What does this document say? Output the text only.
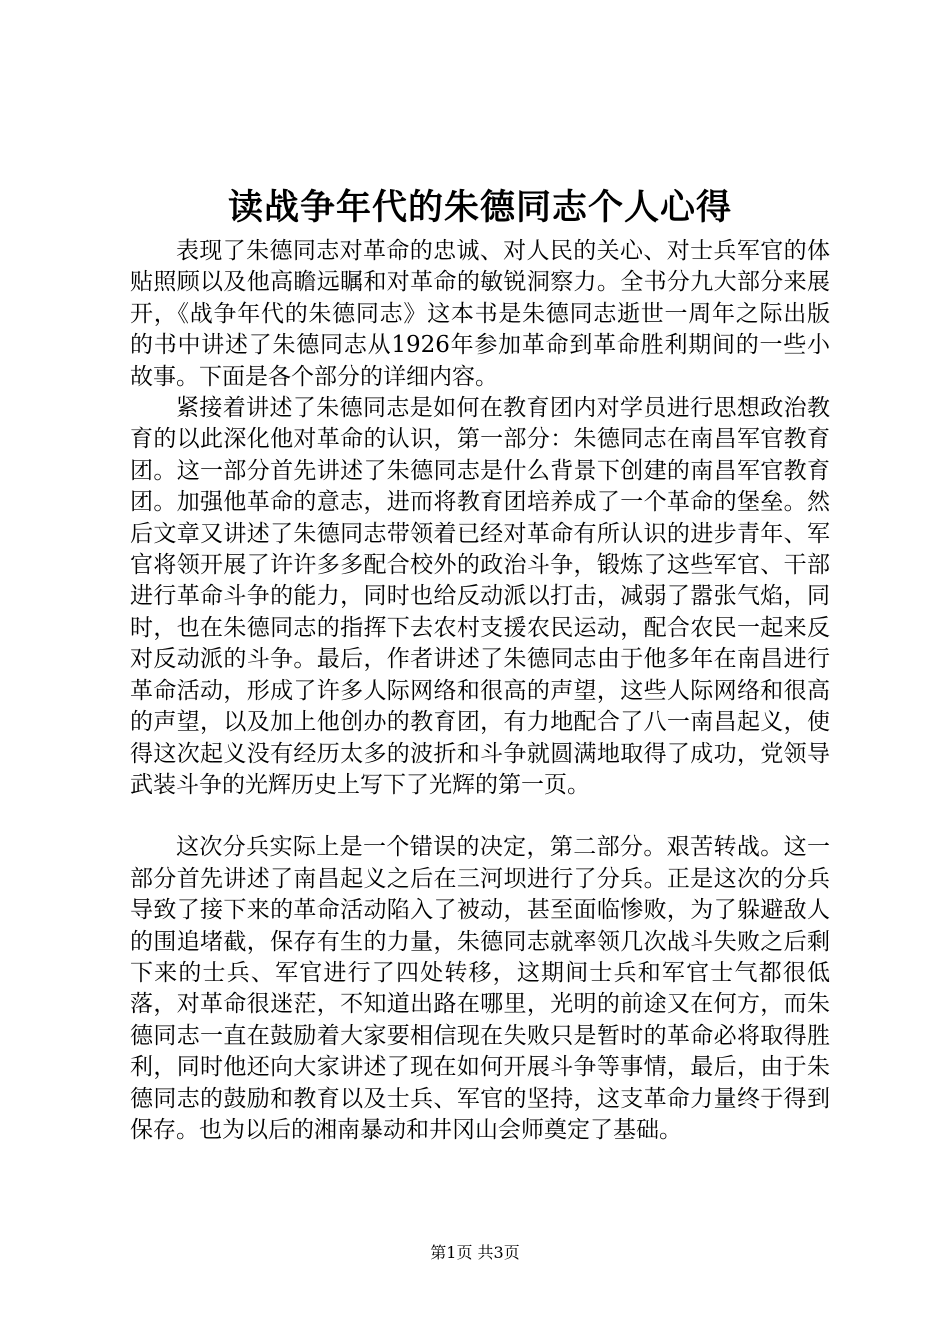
读战争年代的朱德同志个人心得

表现了朱德同志对革命的忠诚、对人民的关心、对士兵军官的体贴照顾以及他高瞻远瞩和对革命的敏锐洞察力。全书分九大部分来展开，《战争年代的朱德同志》这本书是朱德同志逝世一周年之际出版的书中讲述了朱德同志从1926年参加革命到革命胜利期间的一些小故事。下面是各个部分的详细内容。

紧接着讲述了朱德同志是如何在教育团内对学员进行思想政治教育的以此深化他对革命的认识，第一部分：朱德同志在南昌军官教育团。这一部分首先讲述了朱德同志是什么背景下创建的南昌军官教育团。加强他革命的意志，进而将教育团培养成了一个革命的堡垒。然后文章又讲述了朱德同志带领着已经对革命有所认识的进步青年、军官将领开展了许许多多配合校外的政治斗争，锻炼了这些军官、干部进行革命斗争的能力，同时也给反动派以打击，减弱了嚣张气焰，同时，也在朱德同志的指挥下去农村支援农民运动，配合农民一起来反对反动派的斗争。最后，作者讲述了朱德同志由于他多年在南昌进行革命活动，形成了许多人际网络和很高的声望，这些人际网络和很高的声望，以及加上他创办的教育团，有力地配合了八一南昌起义，使得这次起义没有经历太多的波折和斗争就圆满地取得了成功，党领导武装斗争的光辉历史上写下了光辉的第一页。

这次分兵实际上是一个错误的决定，第二部分。艰苦转战。这一部分首先讲述了南昌起义之后在三河坝进行了分兵。正是这次的分兵导致了接下来的革命活动陷入了被动，甚至面临惨败，为了躲避敌人的围追堵截，保存有生的力量，朱德同志就率领几次战斗失败之后剩下来的士兵、军官进行了四处转移，这期间士兵和军官士气都很低落，对革命很迷茫，不知道出路在哪里，光明的前途又在何方，而朱德同志一直在鼓励着大家要相信现在失败只是暂时的革命必将取得胜利，同时他还向大家讲述了现在如何开展斗争等事情，最后，由于朱德同志的鼓励和教育以及士兵、军官的坚持，这支革命力量终于得到保存。也为以后的湘南暴动和井冈山会师奠定了基础。

第1页 共3页
